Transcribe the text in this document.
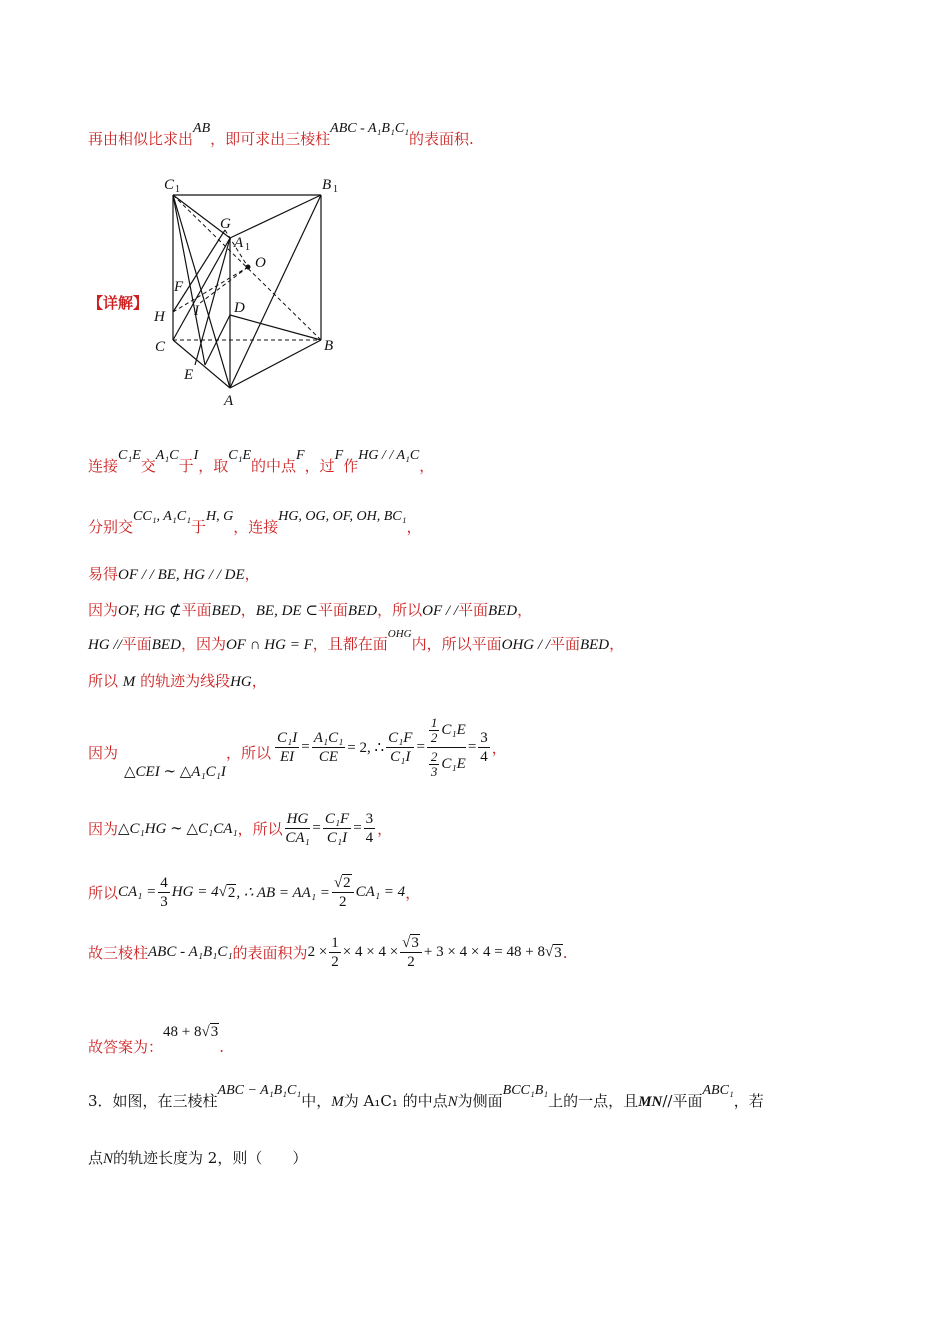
再由相似比求出AB，即可求出三棱柱ABC - A₁B₁C₁的表面积.
【详解】
C 1	B 1
G
A 1
O
F
D
H I
C	B
E
A
连接C₁E交A₁C于I，取C₁E的中点F，过F作HG / / A₁C，
分别交CC₁, A₁C₁于H, G，连接HG, OG, OF, OH, BC₁，
易得OF / / BE, HG / / DE，
因为OF, HG ⊄平面BED，BE, DE ⊂平面BED，所以OF / /平面BED，
HG //平面BED，因为OF ∩ HG = F，且都在面$^{OHG}$内，所以平面OHG / /平面BED，
所以 M 的轨迹为线段HG，
因为
△CEI ∼ △A₁C₁I
，所以 $\frac{\text{C₁I}}{EI} = \frac{\text{A₁C₁}}{CE} = 2$, ∴ $\frac{\text{C₁F}}{\text{C₁I}} = \frac{\frac{1}{2} C_1E}{\frac{2}{3} C_1E} = \frac{3}{4}$ ，
因为 △C₁HG ∼ △C₁CA₁ ，所以 $\frac{HG}{\text{CA₁}} = \frac{\text{C₁F}}{\text{C₁I}} = \frac{3}{4}$ ，
所以 $CA_1 = \frac{4}{3}$ HG = 4 √ 2 , ∴ AB = $AA_1 = \frac{√2}{2} CA_1 = 4$ ，
故三棱柱 ABC - A₁B₁C₁ 的表面积为 $2 \times \frac{1}{2} \times 4 \times 4 \times \frac{√3}{2} + 3 \times 4 \times 4 = 48 + 8$ √ 3 .
故答案为：48 + 8√3.
3．如图，在三棱柱ABC − A₁B₁C₁中，M为 A₁C₁ 的中点N为侧面BCC₁B₁上的一点，且MN//平面ABC₁，若
点N的轨迹长度为 2，则（　　）
